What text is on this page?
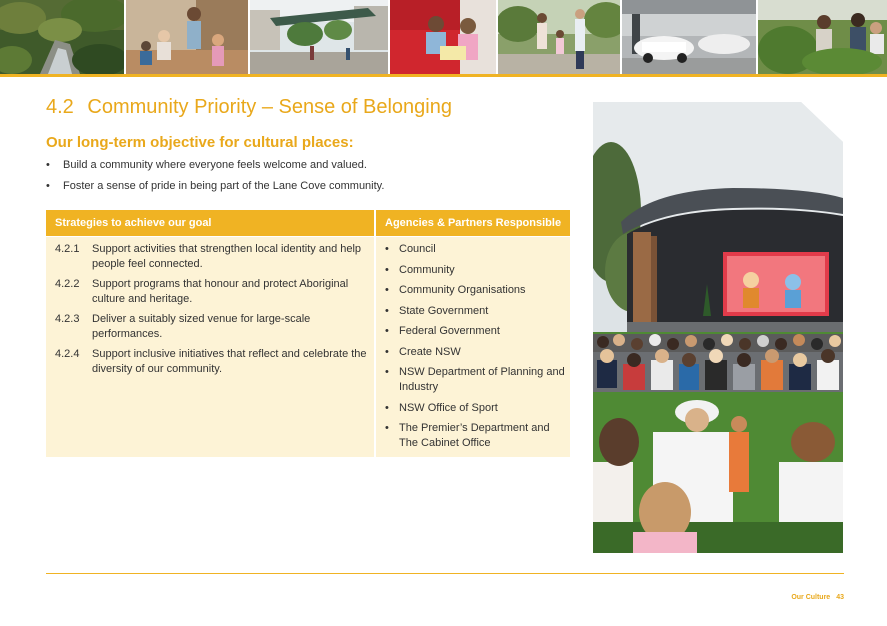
4.2 Community Priority – Sense of Belonging
Our long-term objective for cultural places:
• Build a community where everyone feels welcome and valued.
• Foster a sense of pride in being part of the Lane Cove community.
Strategies to achieve our goal	Agencies & Partners Responsible
4.2.1 Support activities that strengthen local identity and help people feel connected.
4.2.2 Support programs that honour and protect Aboriginal culture and heritage.
4.2.3 Deliver a suitably sized venue for large-scale performances.
4.2.4 Support inclusive initiatives that reflect and celebrate the diversity of our community.
• Council
• Community
• Community Organisations
• State Government
• Federal Government
• Create NSW
• NSW Department of Planning and Industry
• NSW Office of Sport
• The Premier’s Department and The Cabinet Office
Our Culture 43
